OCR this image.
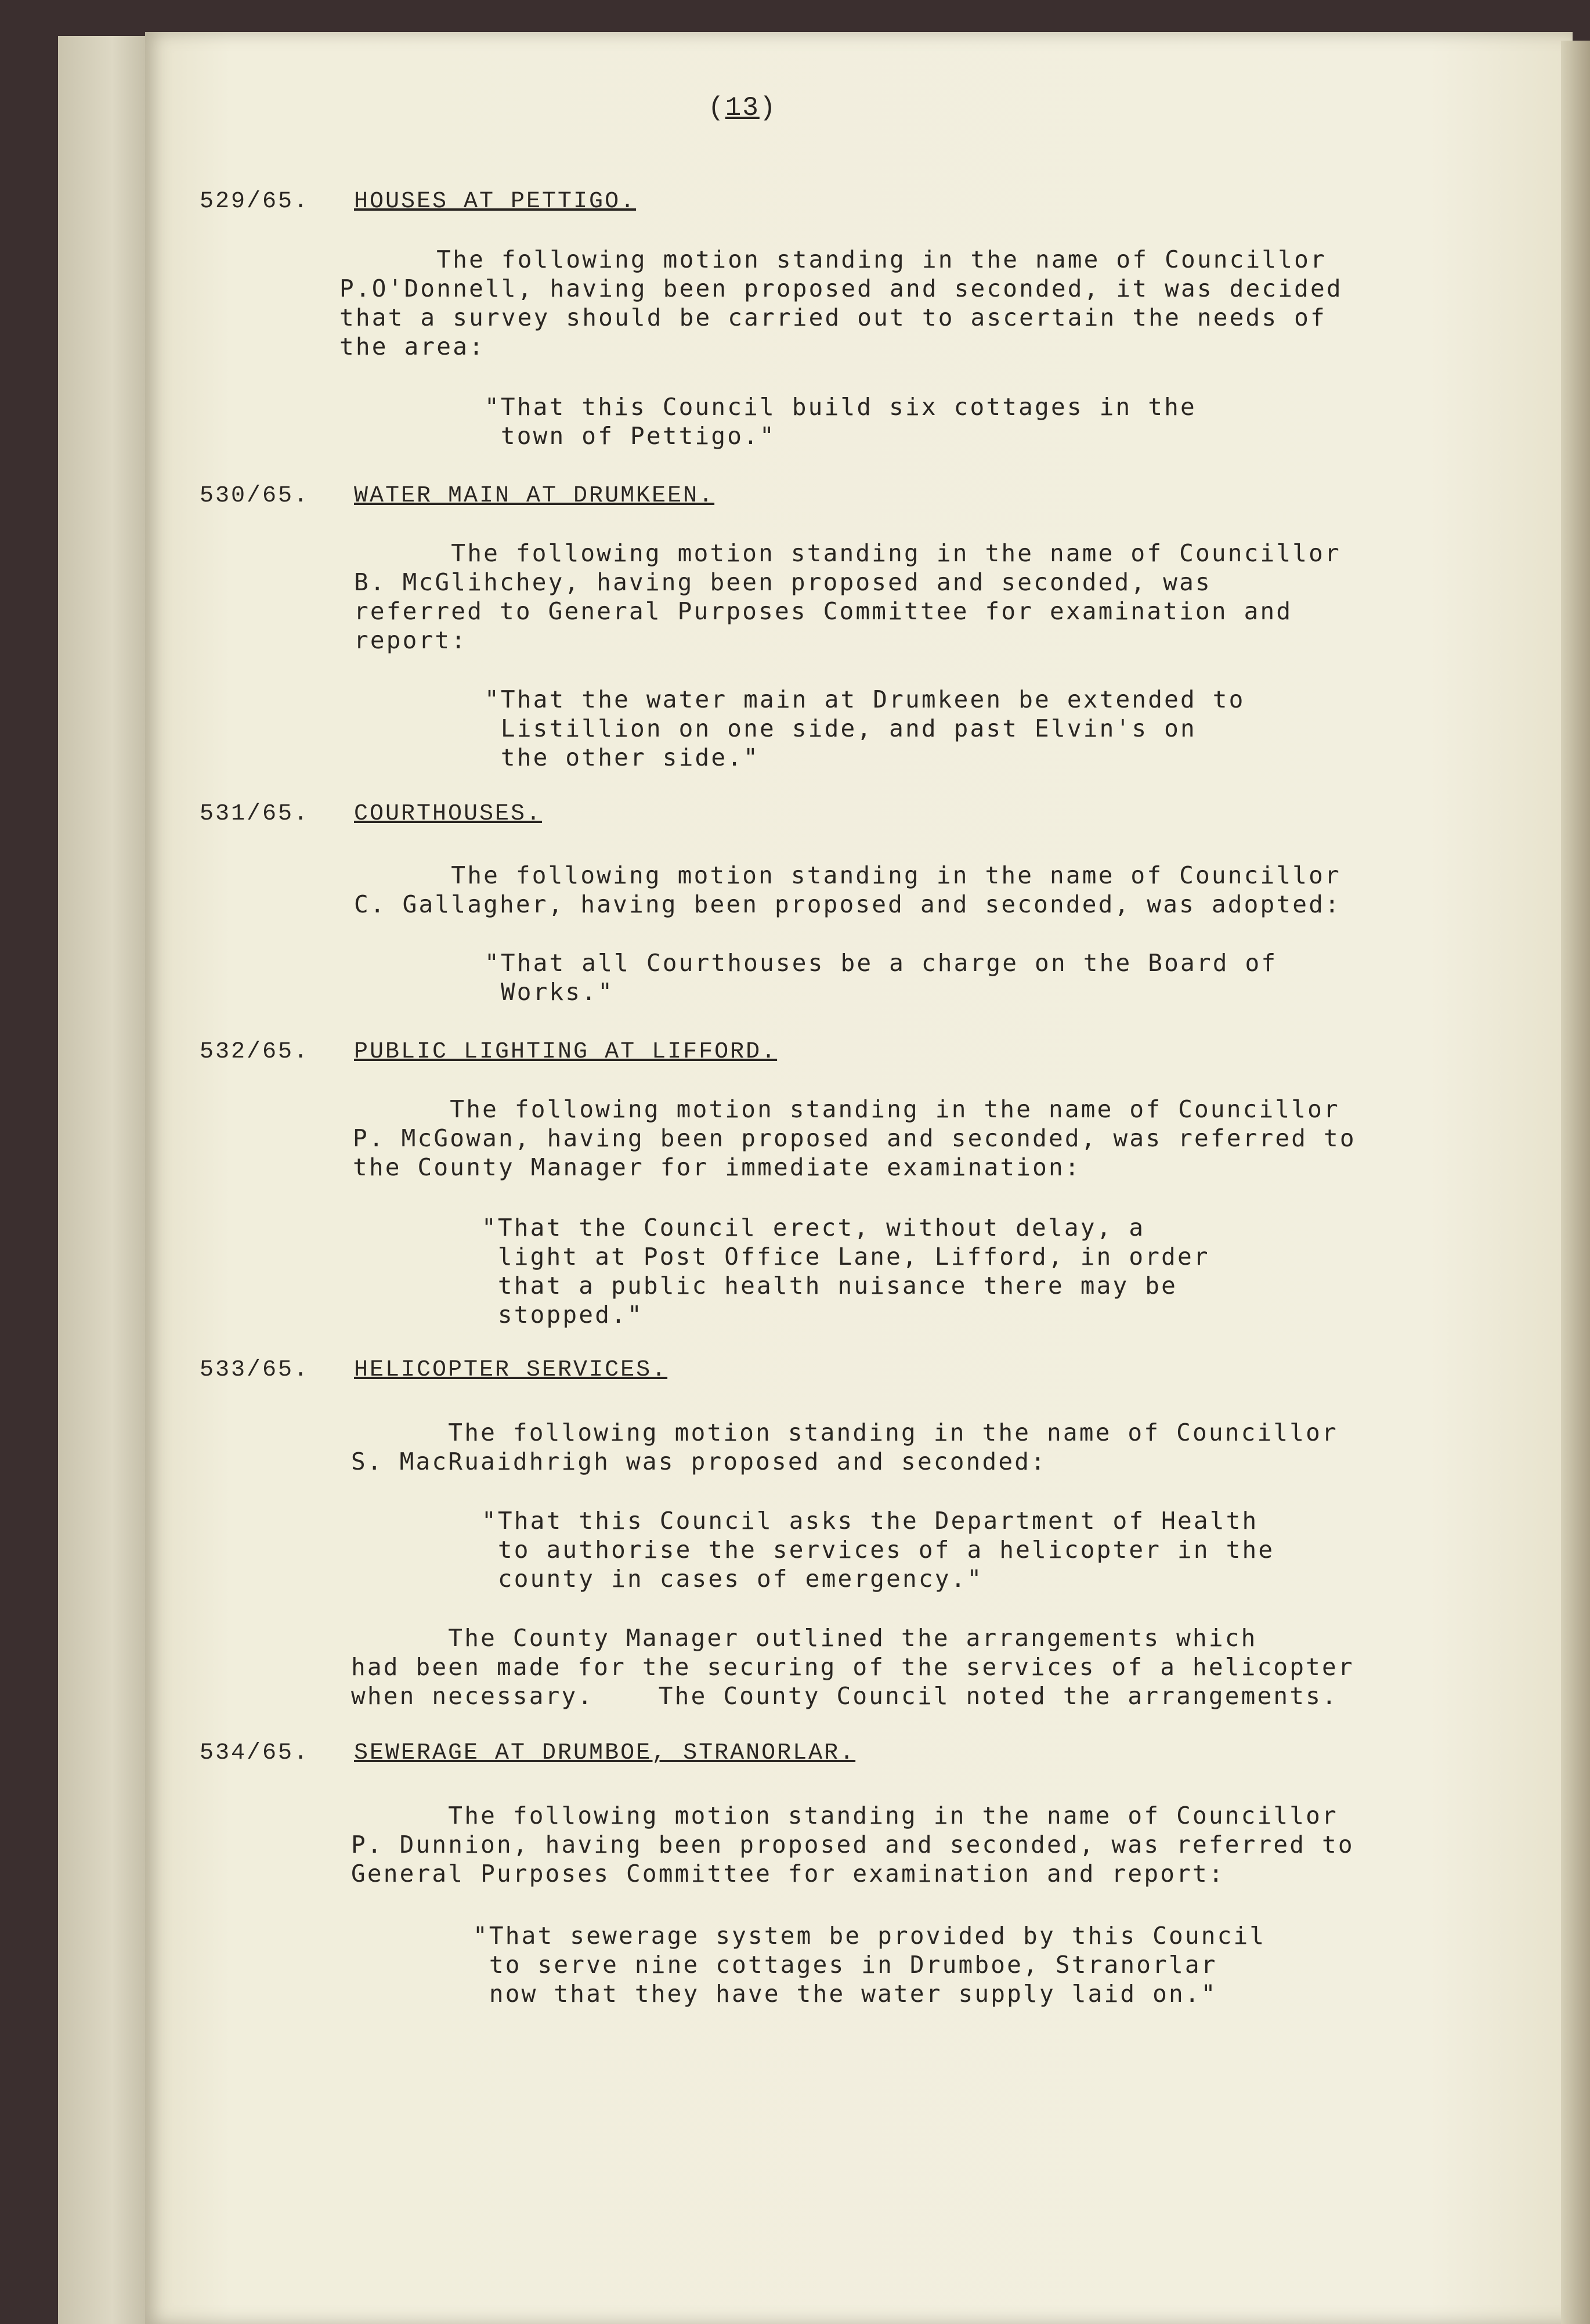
(13)
529/65. HOUSES AT PETTIGO.
The following motion standing in the name of Councillor
P.O'Donnell, having been proposed and seconded, it was decided
that a survey should be carried out to ascertain the needs of
the area:
"That this Council build six cottages in the
town of Pettigo."
530/65. WATER MAIN AT DRUMKEEN.
The following motion standing in the name of Councillor
B. McGlihchey, having been proposed and seconded, was
referred to General Purposes Committee for examination and
report:
"That the water main at Drumkeen be extended to
Listillion on one side, and past Elvin's on
the other side."
531/65. COURTHOUSES.
The following motion standing in the name of Councillor
C. Gallagher, having been proposed and seconded, was adopted:
"That all Courthouses be a charge on the Board of
Works."
532/65. PUBLIC LIGHTING AT LIFFORD.
The following motion standing in the name of Councillor
P. McGowan, having been proposed and seconded, was referred to
the County Manager for immediate examination:
"That the Council erect, without delay, a
light at Post Office Lane, Lifford, in order
that a public health nuisance there may be
stopped."
533/65. HELICOPTER SERVICES.
The following motion standing in the name of Councillor
S. MacRuaidhrigh was proposed and seconded:
"That this Council asks the Department of Health
to authorise the services of a helicopter in the
county in cases of emergency."
The County Manager outlined the arrangements which
had been made for the securing of the services of a helicopter
when necessary.    The County Council noted the arrangements.
534/65. SEWERAGE AT DRUMBOE, STRANORLAR.
The following motion standing in the name of Councillor
P. Dunnion, having been proposed and seconded, was referred to
General Purposes Committee for examination and report:
"That sewerage system be provided by this Council
to serve nine cottages in Drumboe, Stranorlar
now that they have the water supply laid on."
